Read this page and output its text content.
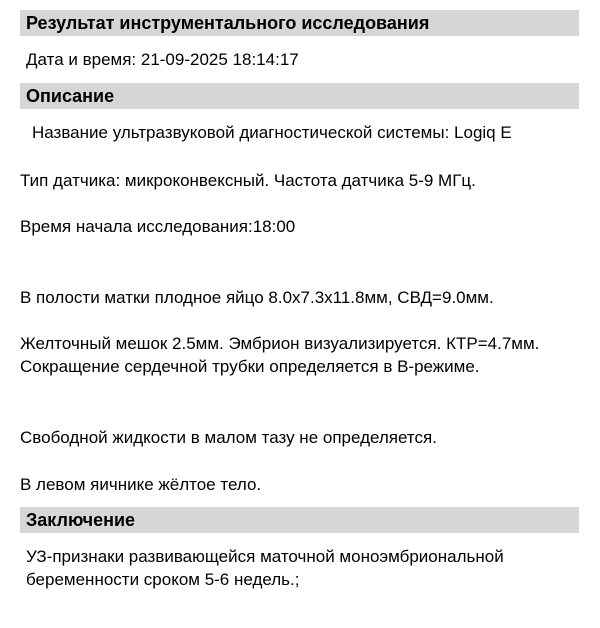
Результат инструментального исследования
Дата и время: 21-09-2025 18:14:17
Описание
Название ультразвуковой диагностической системы: Logiq E
Тип датчика: микроконвексный. Частота датчика 5-9 МГц.
Время начала исследования:18:00
В полости матки плодное яйцо 8.0х7.3х11.8мм, СВД=9.0мм.
Желточный мешок 2.5мм. Эмбрион визуализируется. КТР=4.7мм. Сокращение сердечной трубки определяется в В-режиме.
Свободной жидкости в малом тазу не определяется.
В левом яичнике жёлтое тело.
Заключение
УЗ-признаки развивающейся маточной моноэмбриональной беременности сроком 5-6 недель.;
